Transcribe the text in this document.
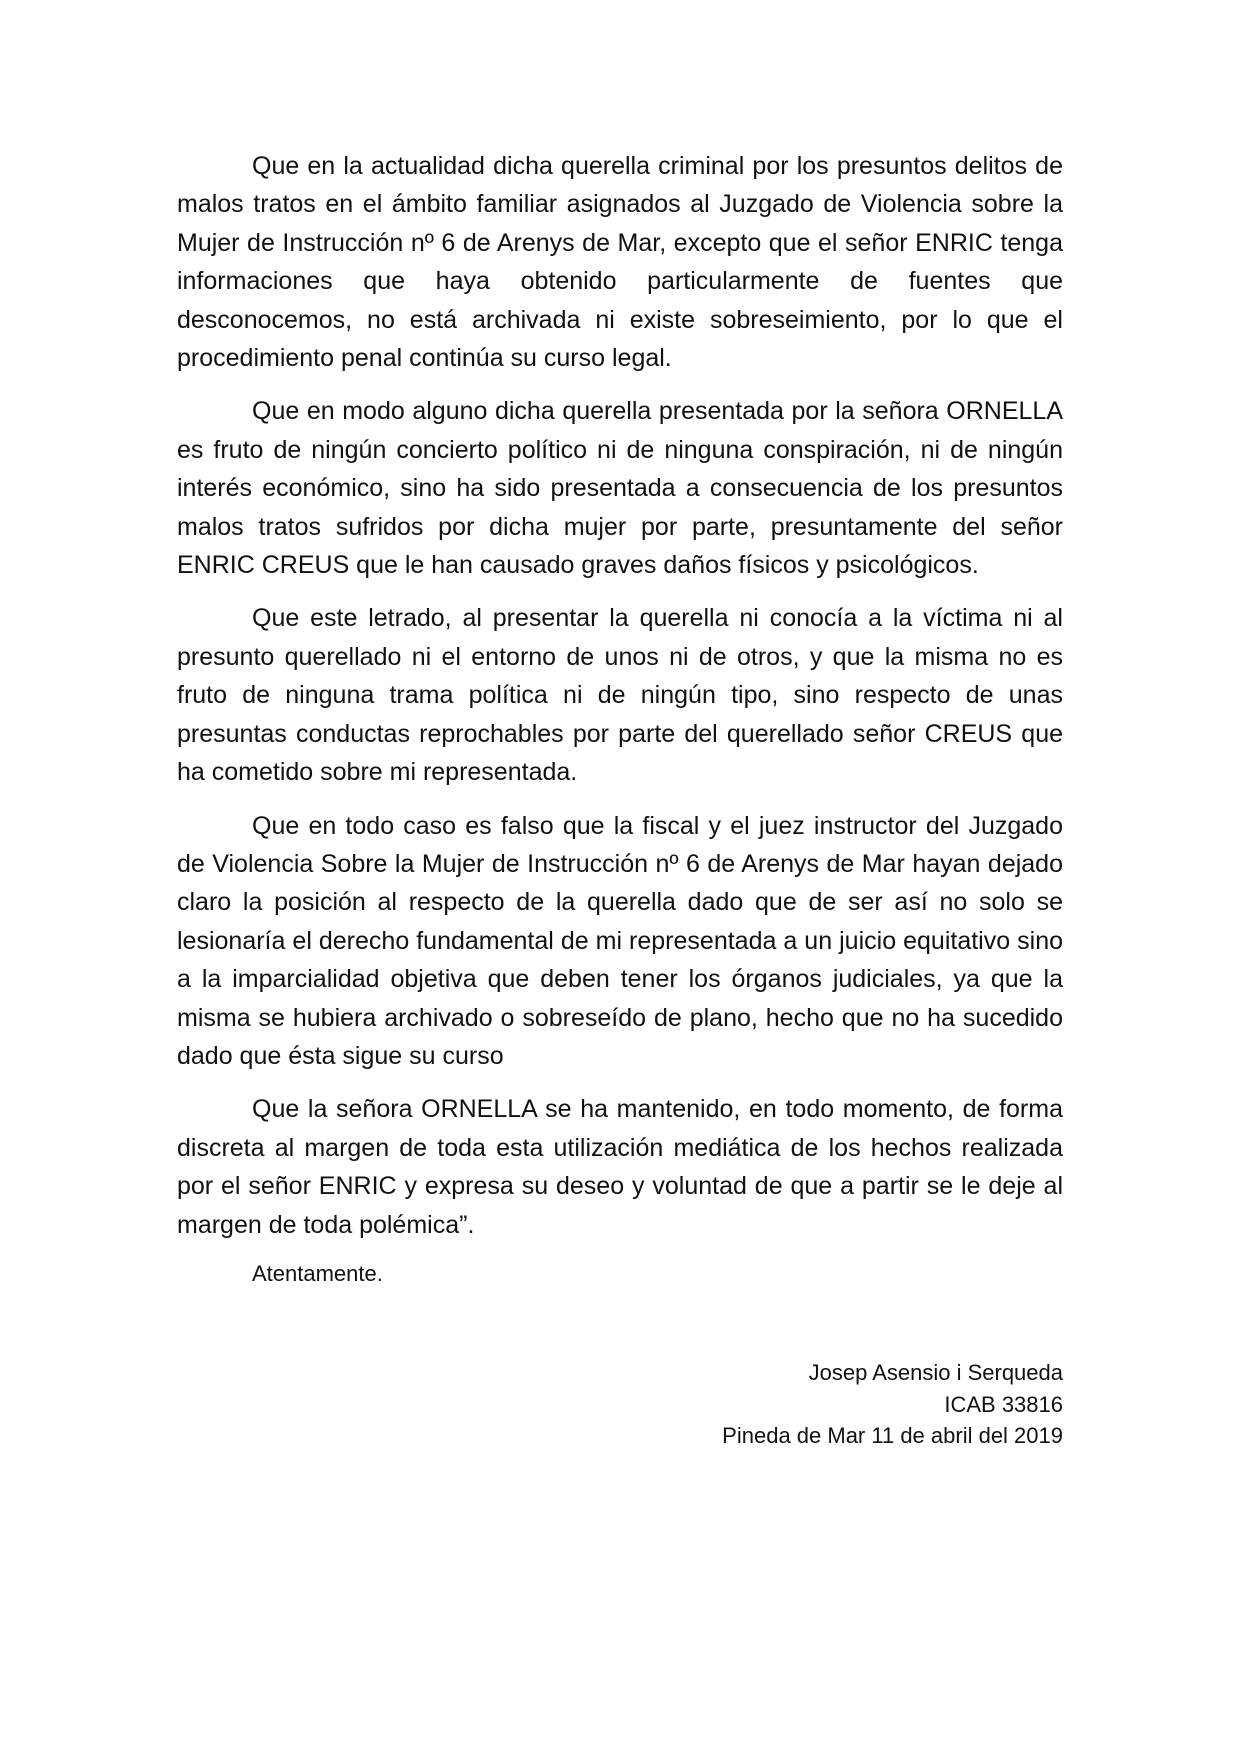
Que en la actualidad dicha querella criminal por los presuntos delitos de malos tratos en el ámbito familiar asignados al Juzgado de Violencia sobre la Mujer de Instrucción nº 6 de Arenys de Mar, excepto que el señor ENRIC tenga informaciones que haya obtenido particularmente de fuentes que desconocemos, no está archivada ni existe sobreseimiento, por lo que el procedimiento penal continúa su curso legal.

Que en modo alguno dicha querella presentada por la señora ORNELLA es fruto de ningún concierto político ni de ninguna conspiración, ni de ningún interés económico, sino ha sido presentada a consecuencia de los presuntos malos tratos sufridos por dicha mujer por parte, presuntamente del señor ENRIC CREUS que le han causado graves daños físicos y psicológicos.

Que este letrado, al presentar la querella ni conocía a la víctima ni al presunto querellado ni el entorno de unos ni de otros, y que la misma no es fruto de ninguna trama política ni de ningún tipo, sino respecto de unas presuntas conductas reprochables por parte del querellado señor CREUS que ha cometido sobre mi representada.

Que en todo caso es falso que la fiscal y el juez instructor del Juzgado de Violencia Sobre la Mujer de Instrucción nº 6 de Arenys de Mar hayan dejado claro la posición al respecto de la querella dado que de ser así no solo se lesionaría el derecho fundamental de mi representada a un juicio equitativo sino a la imparcialidad objetiva que deben tener los órganos judiciales, ya que la misma se hubiera archivado o sobreseído de plano, hecho que no ha sucedido dado que ésta sigue su curso

Que la señora ORNELLA se ha mantenido, en todo momento, de forma discreta al margen de toda esta utilización mediática de los hechos realizada por el señor ENRIC y expresa su deseo y voluntad de que a partir se le deje al margen de toda polémica”.

Atentamente.

Josep Asensio i Serqueda
ICAB 33816
Pineda de Mar 11 de abril del 2019
